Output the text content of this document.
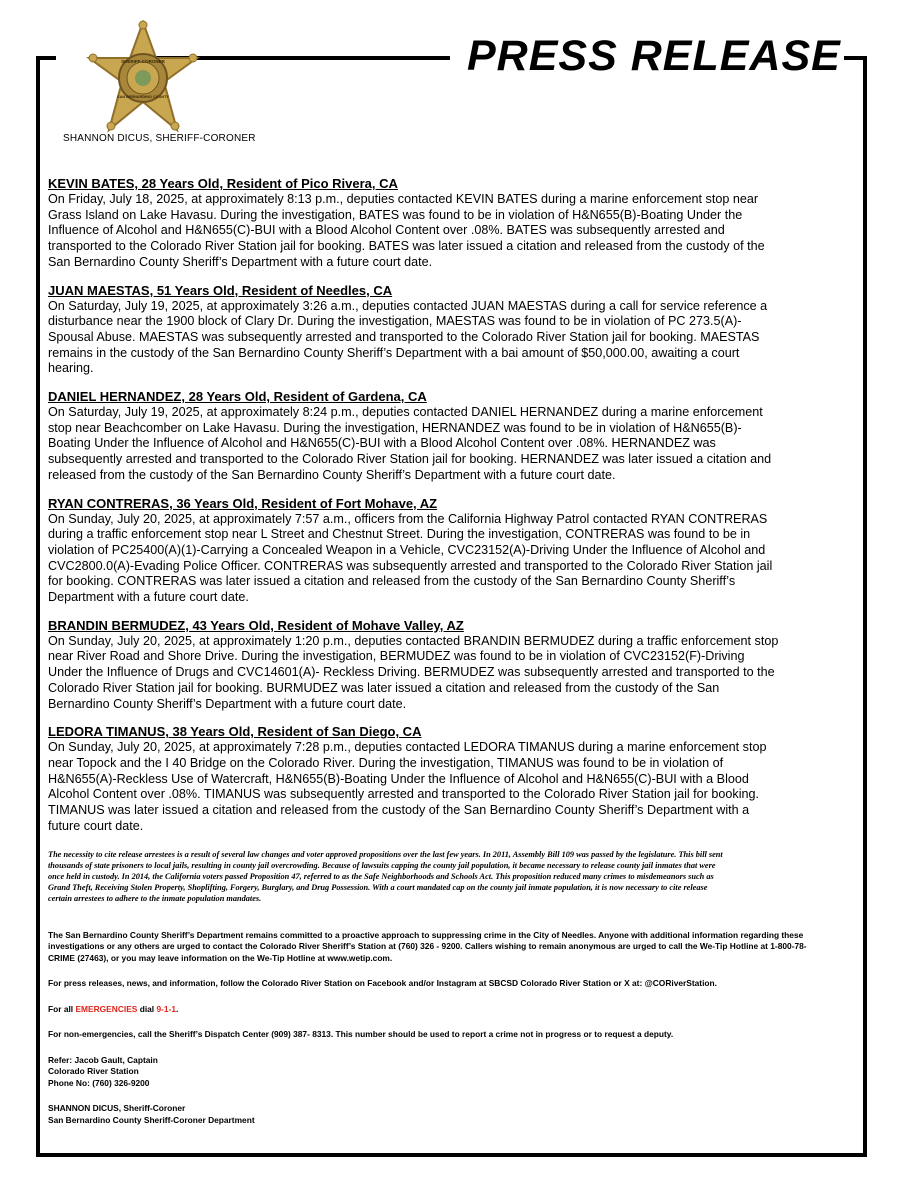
SHERIFF-CORONER
SAN BERNARDINO COUNTY
PRESS RELEASE
SHANNON DICUS, SHERIFF-CORONER
KEVIN BATES, 28 Years Old, Resident of Pico Rivera, CA
On Friday, July 18, 2025, at approximately 8:13 p.m., deputies contacted KEVIN BATES during a marine enforcement stop near
Grass Island on Lake Havasu. During the investigation, BATES was found to be in violation of H&N655(B)-Boating Under the
Influence of Alcohol and H&N655(C)-BUI with a Blood Alcohol Content over .08%. BATES was subsequently arrested and
transported to the Colorado River Station jail for booking. BATES was later issued a citation and released from the custody of the
San Bernardino County Sheriff’s Department with a future court date.
JUAN MAESTAS, 51 Years Old, Resident of Needles, CA
On Saturday, July 19, 2025, at approximately 3:26 a.m., deputies contacted JUAN MAESTAS during a call for service reference a
disturbance near the 1900 block of Clary Dr. During the investigation, MAESTAS was found to be in violation of PC 273.5(A)-
Spousal Abuse. MAESTAS was subsequently arrested and transported to the Colorado River Station jail for booking. MAESTAS
remains in the custody of the San Bernardino County Sheriff’s Department with a bai amount of $50,000.00, awaiting a court
hearing.
DANIEL HERNANDEZ, 28 Years Old, Resident of Gardena, CA
On Saturday, July 19, 2025, at approximately 8:24 p.m., deputies contacted DANIEL HERNANDEZ during a marine enforcement
stop near Beachcomber on Lake Havasu. During the investigation, HERNANDEZ was found to be in violation of H&N655(B)-
Boating Under the Influence of Alcohol and H&N655(C)-BUI with a Blood Alcohol Content over .08%. HERNANDEZ was
subsequently arrested and transported to the Colorado River Station jail for booking. HERNANDEZ was later issued a citation and
released from the custody of the San Bernardino County Sheriff’s Department with a future court date.
RYAN CONTRERAS, 36 Years Old, Resident of Fort Mohave, AZ
On Sunday, July 20, 2025, at approximately 7:57 a.m., officers from the California Highway Patrol contacted RYAN CONTRERAS
during a traffic enforcement stop near L Street and Chestnut Street. During the investigation, CONTRERAS was found to be in
violation of PC25400(A)(1)-Carrying a Concealed Weapon in a Vehicle, CVC23152(A)-Driving Under the Influence of Alcohol and
CVC2800.0(A)-Evading Police Officer. CONTRERAS was subsequently arrested and transported to the Colorado River Station jail
for booking. CONTRERAS was later issued a citation and released from the custody of the San Bernardino County Sheriff’s
Department with a future court date.
BRANDIN BERMUDEZ, 43 Years Old, Resident of Mohave Valley, AZ
On Sunday, July 20, 2025, at approximately 1:20 p.m., deputies contacted BRANDIN BERMUDEZ during a traffic enforcement stop
near River Road and Shore Drive. During the investigation, BERMUDEZ was found to be in violation of CVC23152(F)-Driving
Under the Influence of Drugs and CVC14601(A)- Reckless Driving. BERMUDEZ was subsequently arrested and transported to the
Colorado River Station jail for booking. BURMUDEZ was later issued a citation and released from the custody of the San
Bernardino County Sheriff’s Department with a future court date.
LEDORA TIMANUS, 38 Years Old, Resident of San Diego, CA
On Sunday, July 20, 2025, at approximately 7:28 p.m., deputies contacted LEDORA TIMANUS during a marine enforcement stop
near Topock and the I 40 Bridge on the Colorado River. During the investigation, TIMANUS was found to be in violation of
H&N655(A)-Reckless Use of Watercraft, H&N655(B)-Boating Under the Influence of Alcohol and H&N655(C)-BUI with a Blood
Alcohol Content over .08%. TIMANUS was subsequently arrested and transported to the Colorado River Station jail for booking.
TIMANUS was later issued a citation and released from the custody of the San Bernardino County Sheriff’s Department with a
future court date.
The necessity to cite release arrestees is a result of several law changes and voter approved propositions over the last few years. In 2011, Assembly Bill 109 was passed by the legislature. This bill sent
thousands of state prisoners to local jails, resulting in county jail overcrowding. Because of lawsuits capping the county jail population, it became necessary to release county jail inmates that were
once held in custody. In 2014, the California voters passed Proposition 47, referred to as the Safe Neighborhoods and Schools Act. This proposition reduced many crimes to misdemeanors such as
Grand Theft, Receiving Stolen Property, Shoplifting, Forgery, Burglary, and Drug Possession. With a court mandated cap on the county jail inmate population, it is now necessary to cite release
certain arrestees to adhere to the inmate population mandates.
The San Bernardino County Sheriff’s Department remains committed to a proactive approach to suppressing crime in the City of Needles. Anyone with additional information regarding these
investigations or any others are urged to contact the Colorado River Sheriff’s Station at (760) 326 - 9200. Callers wishing to remain anonymous are urged to call the We-Tip Hotline at 1-800-78-
CRIME (27463), or you may leave information on the We-Tip Hotline at www.wetip.com.
For press releases, news, and information, follow the Colorado River Station on Facebook and/or Instagram at SBCSD Colorado River Station or X at: @CORiverStation.
For all EMERGENCIES dial 9-1-1.
For non-emergencies, call the Sheriff’s Dispatch Center (909) 387- 8313. This number should be used to report a crime not in progress or to request a deputy.
Refer: Jacob Gault, Captain
Colorado River Station
Phone No: (760) 326-9200
SHANNON DICUS, Sheriff-Coroner
San Bernardino County Sheriff-Coroner Department
